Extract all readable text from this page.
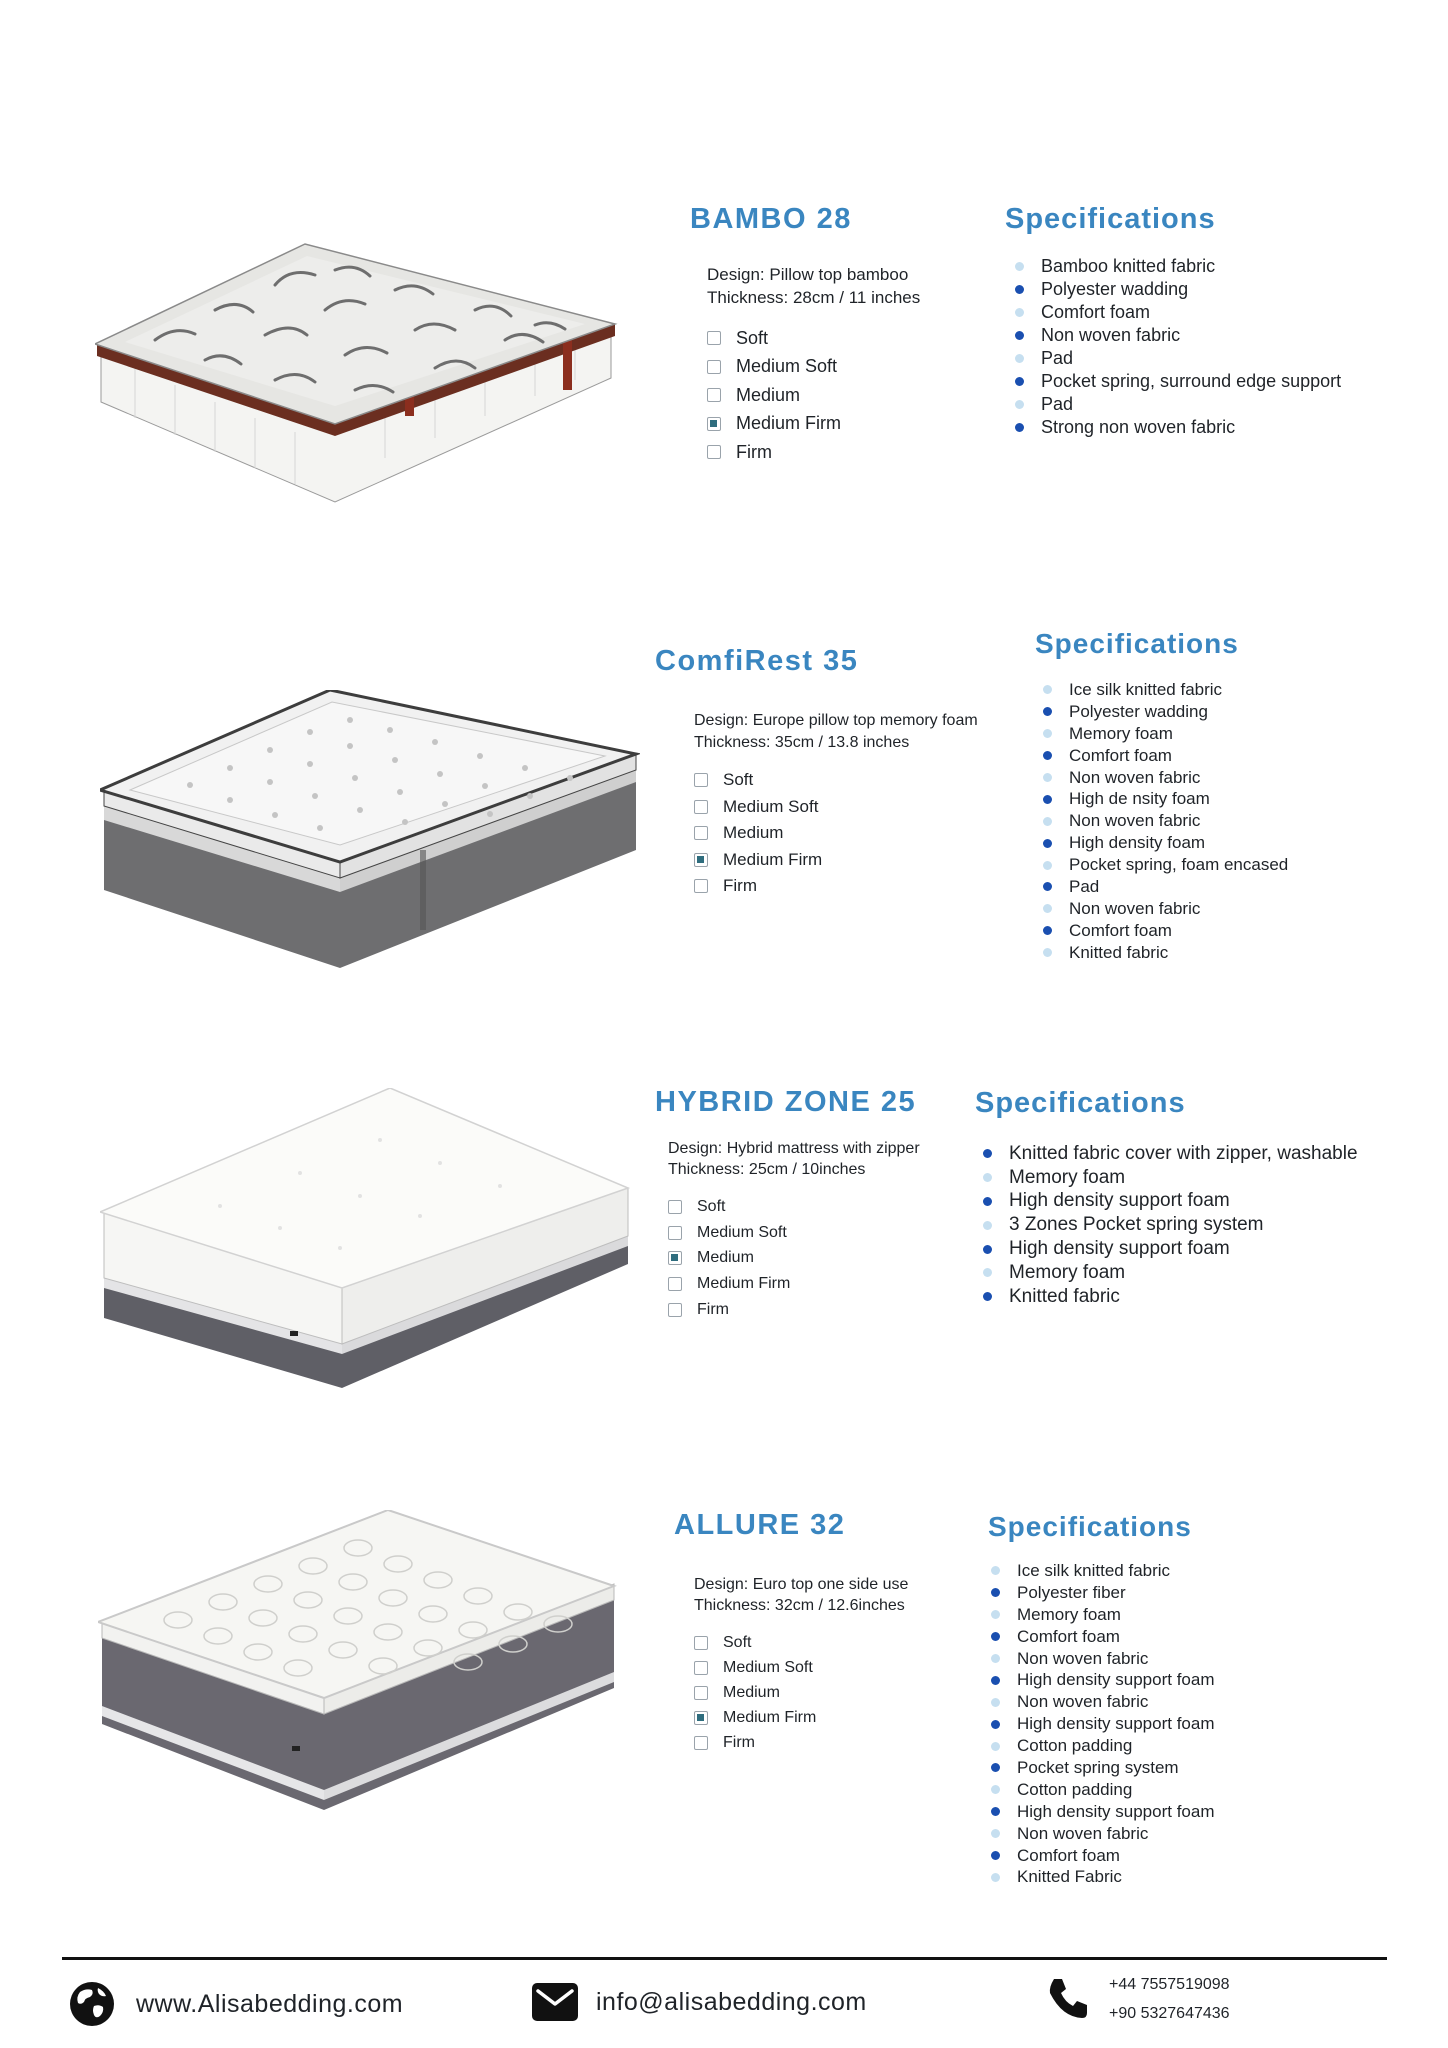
BAMBO 28
Design: Pillow top bamboo
Thickness: 28cm / 11 inches
Soft
Medium Soft
Medium
Medium Firm
Firm
Specifications
Bamboo knitted fabric
Polyester wadding
Comfort foam
Non woven fabric
Pad
Pocket spring, surround edge support
Pad
Strong non woven fabric
ComfiRest 35
Design: Europe pillow top memory foam
Thickness: 35cm / 13.8 inches
Soft
Medium Soft
Medium
Medium Firm
Firm
Specifications
Ice silk knitted fabric
Polyester wadding
Memory foam
Comfort foam
Non woven fabric
High de nsity foam
Non woven fabric
High density foam
Pocket spring, foam encased
Pad
Non woven fabric
Comfort foam
Knitted fabric
HYBRID ZONE 25
Design: Hybrid mattress with zipper
Thickness: 25cm / 10inches
Soft
Medium Soft
Medium
Medium Firm
Firm
Specifications
Knitted fabric cover with zipper, washable
Memory foam
High density support foam
3 Zones Pocket spring system
High density support foam
Memory foam
Knitted fabric
ALLURE 32
Design: Euro top one side use
Thickness: 32cm / 12.6inches
Soft
Medium Soft
Medium
Medium Firm
Firm
Specifications
Ice silk knitted fabric
Polyester fiber
Memory foam
Comfort foam
Non woven fabric
High density support foam
Non woven fabric
High density support foam
Cotton padding
Pocket spring system
Cotton padding
High density support foam
Non woven fabric
Comfort foam
Knitted Fabric
www.Alisabedding.com	info@alisabedding.com
+44 7557519098
+90 5327647436
